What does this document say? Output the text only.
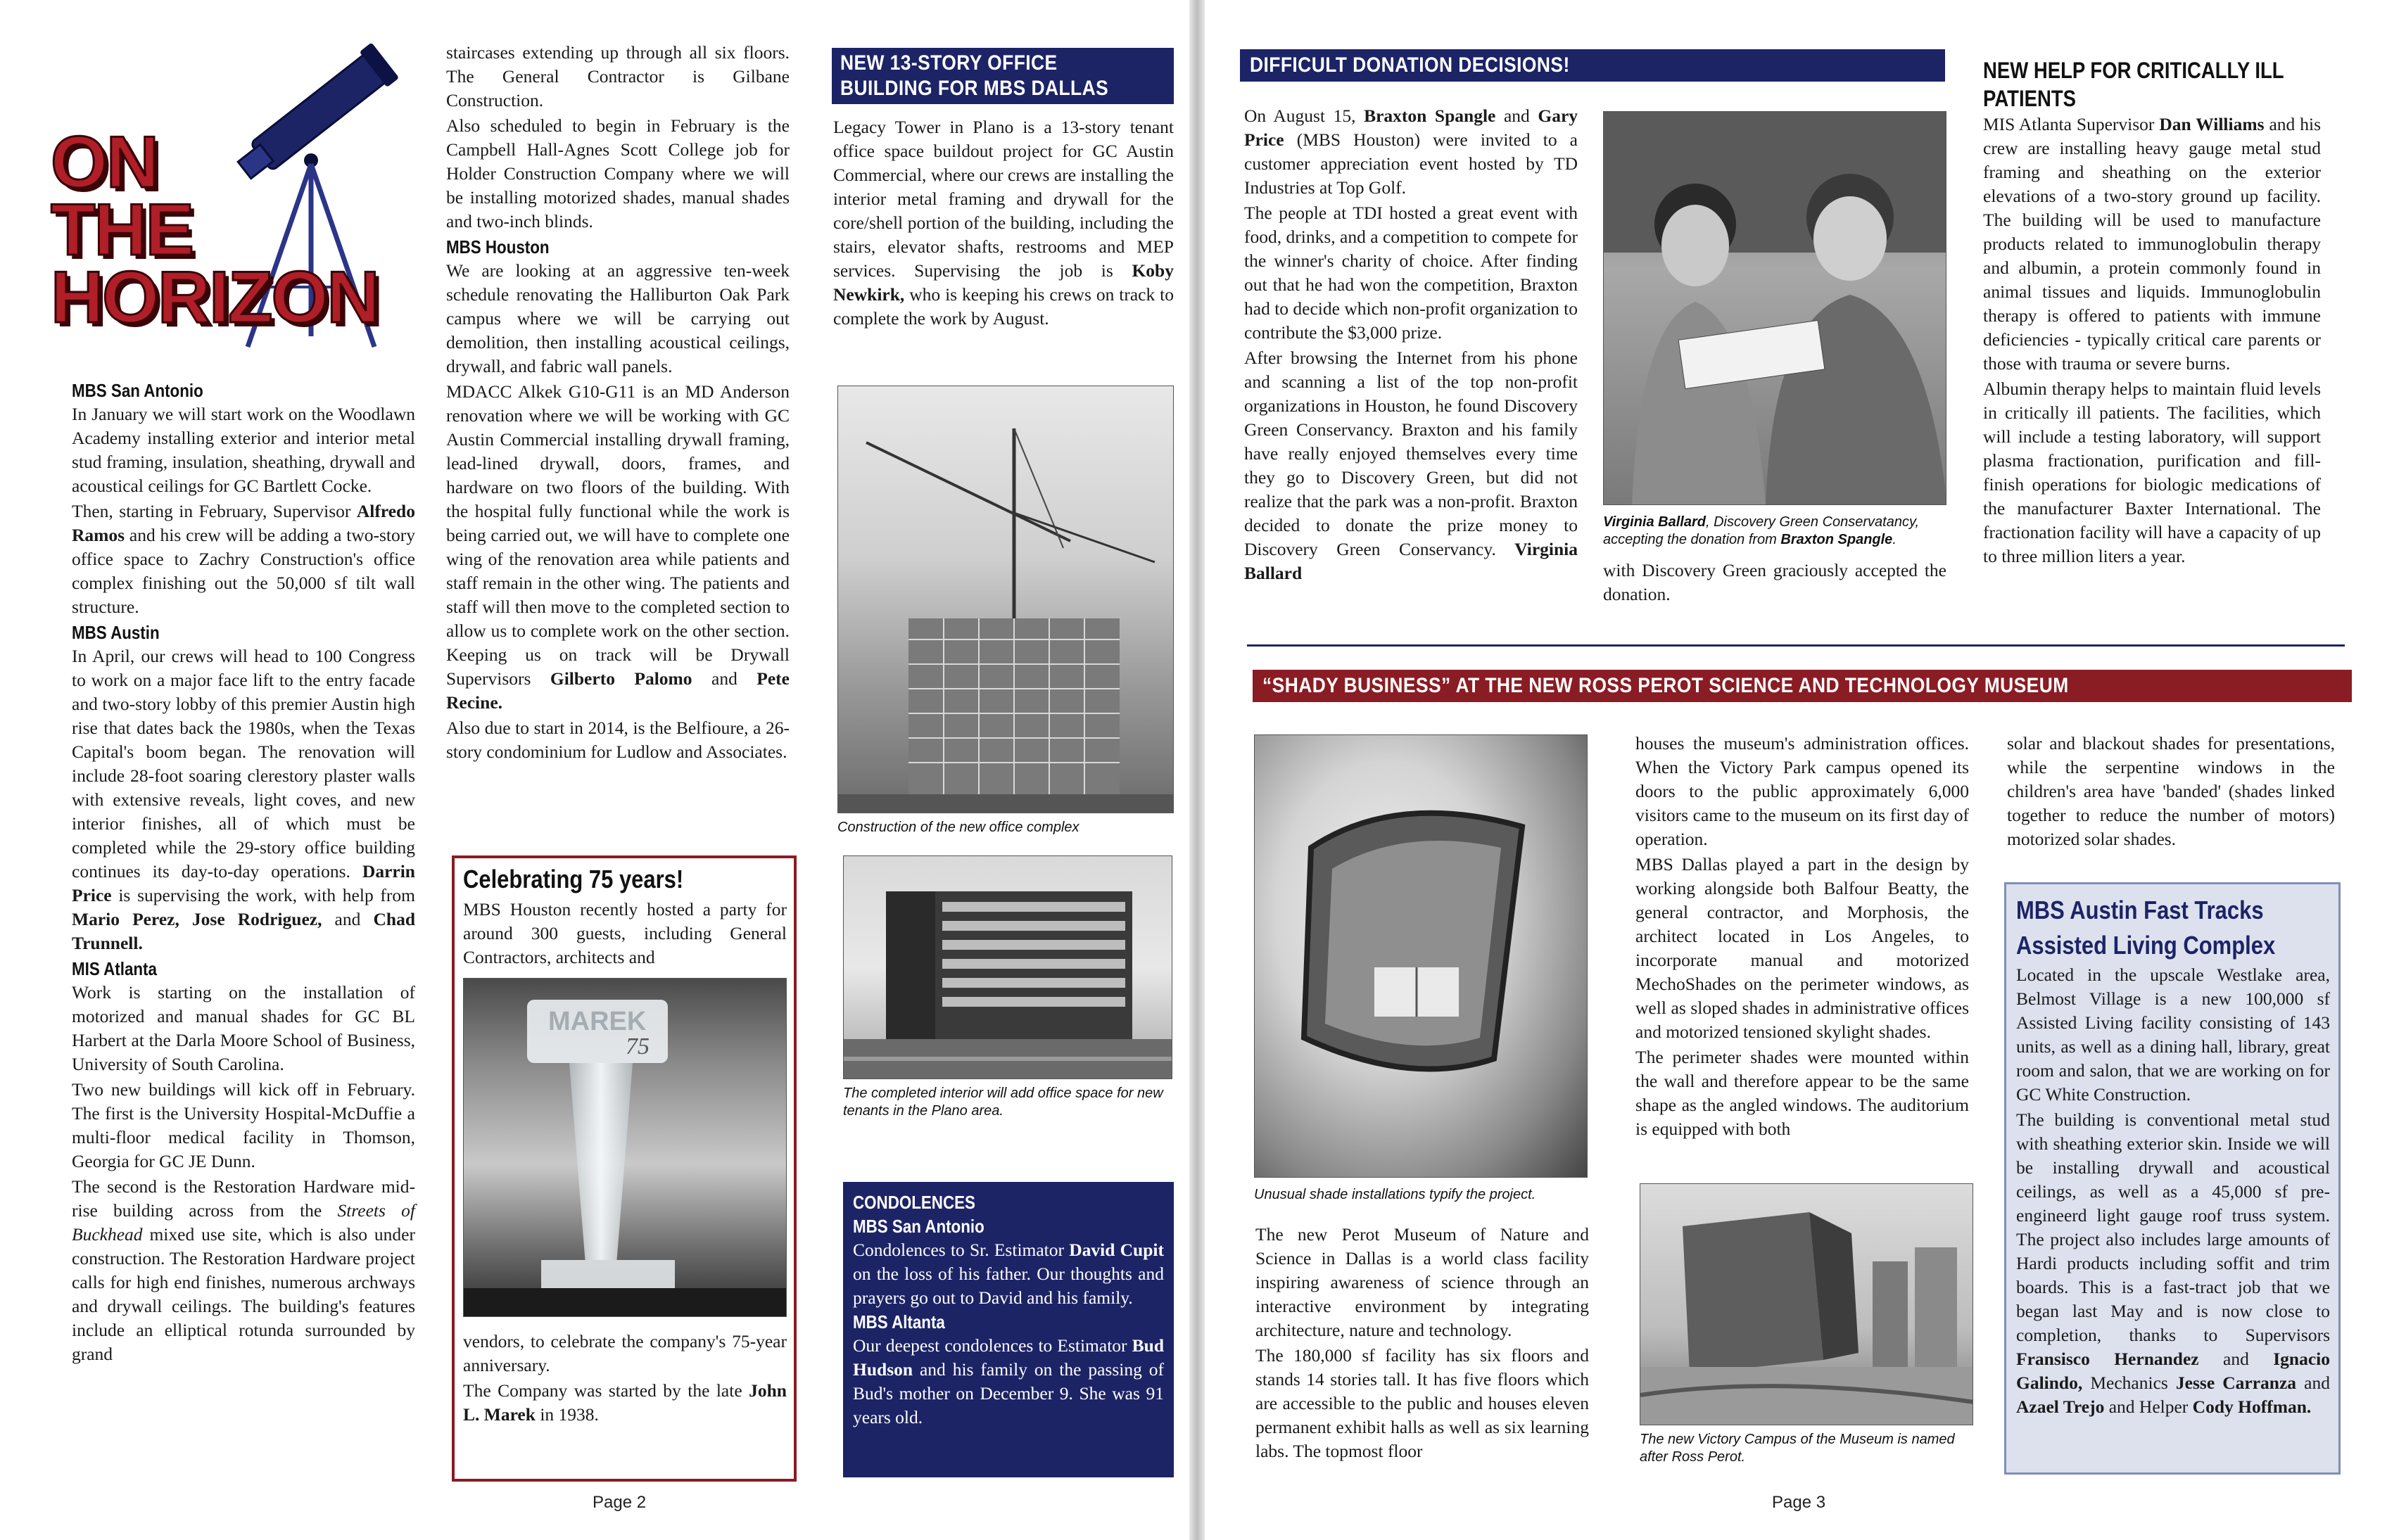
ON
THE
HORIZON
MBS San Antonio

In January we will start work on the Woodlawn Academy installing exterior and interior metal stud framing, insulation, sheathing, drywall and acoustical ceilings for GC Bartlett Cocke.

Then, starting in February, Supervisor Alfredo Ramos and his crew will be adding a two-story office space to Zachry Construction's office complex finishing out the 50,000 sf tilt wall structure.

MBS Austin

In April, our crews will head to 100 Congress to work on a major face lift to the entry facade and two-story lobby of this premier Austin high rise that dates back the 1980s, when the Texas Capital's boom began. The renovation will include 28-foot soaring clerestory plaster walls with extensive reveals, light coves, and new interior finishes, all of which must be completed while the 29-story office building continues its day-to-day operations. Darrin Price is supervising the work, with help from Mario Perez, Jose Rodriguez, and Chad Trunnell.

MIS Atlanta

Work is starting on the installation of motorized and manual shades for GC BL Harbert at the Darla Moore School of Business, University of South Carolina.

Two new buildings will kick off in February. The first is the University Hospital-McDuffie a multi-floor medical facility in Thomson, Georgia for GC JE Dunn.

The second is the Restoration Hardware mid-rise building across from the Streets of Buckhead mixed use site, which is also under construction. The Restoration Hardware project calls for high end finishes, numerous archways and drywall ceilings. The building's features include an elliptical rotunda surrounded by grand

staircases extending up through all six floors. The General Contractor is Gilbane Construction.

Also scheduled to begin in February is the Campbell Hall-Agnes Scott College job for Holder Construction Company where we will be installing motorized shades, manual shades and two-inch blinds.

MBS Houston

We are looking at an aggressive ten-week schedule renovating the Halliburton Oak Park campus where we will be carrying out demolition, then installing acoustical ceilings, drywall, and fabric wall panels.

MDACC Alkek G10-G11 is an MD Anderson renovation where we will be working with GC Austin Commercial installing drywall framing, lead-lined drywall, doors, frames, and hardware on two floors of the building. With the hospital fully functional while the work is being carried out, we will have to complete one wing of the renovation area while patients and staff remain in the other wing. The patients and staff will then move to the completed section to allow us to complete work on the other section. Keeping us on track will be Drywall Supervisors Gilberto Palomo and Pete Recine.

Also due to start in 2014, is the Belfioure, a 26-story condominium for Ludlow and Associates.

Celebrating 75 years!

MBS Houston recently hosted a party for around 300 guests, including General Contractors, architects and

MAREK
75

vendors, to celebrate the company's 75-year anniversary.

The Company was started by the late John L. Marek in 1938.

NEW 13-STORY OFFICE
BUILDING FOR MBS DALLAS

Legacy Tower in Plano is a 13-story tenant office space buildout project for GC Austin Commercial, where our crews are installing the interior metal framing and drywall for the core/shell portion of the building, including the stairs, elevator shafts, restrooms and MEP services. Supervising the job is Koby Newkirk, who is keeping his crews on track to complete the work by August.

Construction of the new office complex
The completed interior will add office space for new tenants in the Plano area.
CONDOLENCES
MBS San Antonio

Condolences to Sr. Estimator David Cupit on the loss of his father. Our thoughts and prayers go out to David and his family.

MBS Altanta

Our deepest condolences to Estimator Bud Hudson and his family on the passing of Bud's mother on December 9. She was 91 years old.

Page 2
DIFFICULT DONATION DECISIONS!

On August 15, Braxton Spangle and Gary Price (MBS Houston) were invited to a customer appreciation event hosted by TD Industries at Top Golf.

The people at TDI hosted a great event with food, drinks, and a competition to compete for the winner's charity of choice. After finding out that he had won the competition, Braxton had to decide which non-profit organization to contribute the $3,000 prize.

After browsing the Internet from his phone and scanning a list of the top non-profit organizations in Houston, he found Discovery Green Conservancy. Braxton and his family have really enjoyed themselves every time they go to Discovery Green, but did not realize that the park was a non-profit. Braxton decided to donate the prize money to Discovery Green Conservancy. Virginia Ballard

Virginia Ballard, Discovery Green Conservatancy, accepting the donation from Braxton Spangle.

with Discovery Green graciously accepted the donation.

NEW HELP FOR CRITICALLY ILL
PATIENTS

MIS Atlanta Supervisor Dan Williams and his crew are installing heavy gauge metal stud framing and sheathing on the exterior elevations of a two-story ground up facility. The building will be used to manufacture products related to immunoglobulin therapy and albumin, a protein commonly found in animal tissues and liquids. Immunoglobulin therapy is offered to patients with immune deficiencies - typically critical care parents or those with trauma or severe burns.

Albumin therapy helps to maintain fluid levels in critically ill patients. The facilities, which will include a testing laboratory, will support plasma fractionation, purification and fill-finish operations for biologic medications of the manufacturer Baxter International. The fractionation facility will have a capacity of up to three million liters a year.

“SHADY BUSINESS” AT THE NEW ROSS PEROT SCIENCE AND TECHNOLOGY MUSEUM
Unusual shade installations typify the project.

The new Perot Museum of Nature and Science in Dallas is a world class facility inspiring awareness of science through an interactive environment by integrating architecture, nature and technology.

The 180,000 sf facility has six floors and stands 14 stories tall. It has five floors which are accessible to the public and houses eleven permanent exhibit halls as well as six learning labs. The topmost floor

houses the museum's administration offices. When the Victory Park campus opened its doors to the public approximately 6,000 visitors came to the museum on its first day of operation.

MBS Dallas played a part in the design by working alongside both Balfour Beatty, the general contractor, and Morphosis, the architect located in Los Angeles, to incorporate manual and motorized MechoShades on the perimeter windows, as well as sloped shades in administrative offices and motorized tensioned skylight shades.

The perimeter shades were mounted within the wall and therefore appear to be the same shape as the angled windows. The auditorium is equipped with both

The new Victory Campus of the Museum is named after Ross Perot.

solar and blackout shades for presentations, while the serpentine windows in the children's area have 'banded' (shades linked together to reduce the number of motors) motorized solar shades.

MBS Austin Fast Tracks
Assisted Living Complex

Located in the upscale Westlake area, Belmost Village is a new 100,000 sf Assisted Living facility consisting of 143 units, as well as a dining hall, library, great room and salon, that we are working on for GC White Construction.

The building is conventional metal stud with sheathing exterior skin. Inside we will be installing drywall and acoustical ceilings, as well as a 45,000 sf pre-engineerd light gauge roof truss system. The project also includes large amounts of Hardi products including soffit and trim boards. This is a fast-tract job that we began last May and is now close to completion, thanks to Supervisors Fransisco Hernandez and Ignacio Galindo, Mechanics Jesse Carranza and Azael Trejo and Helper Cody Hoffman.

Page 3
